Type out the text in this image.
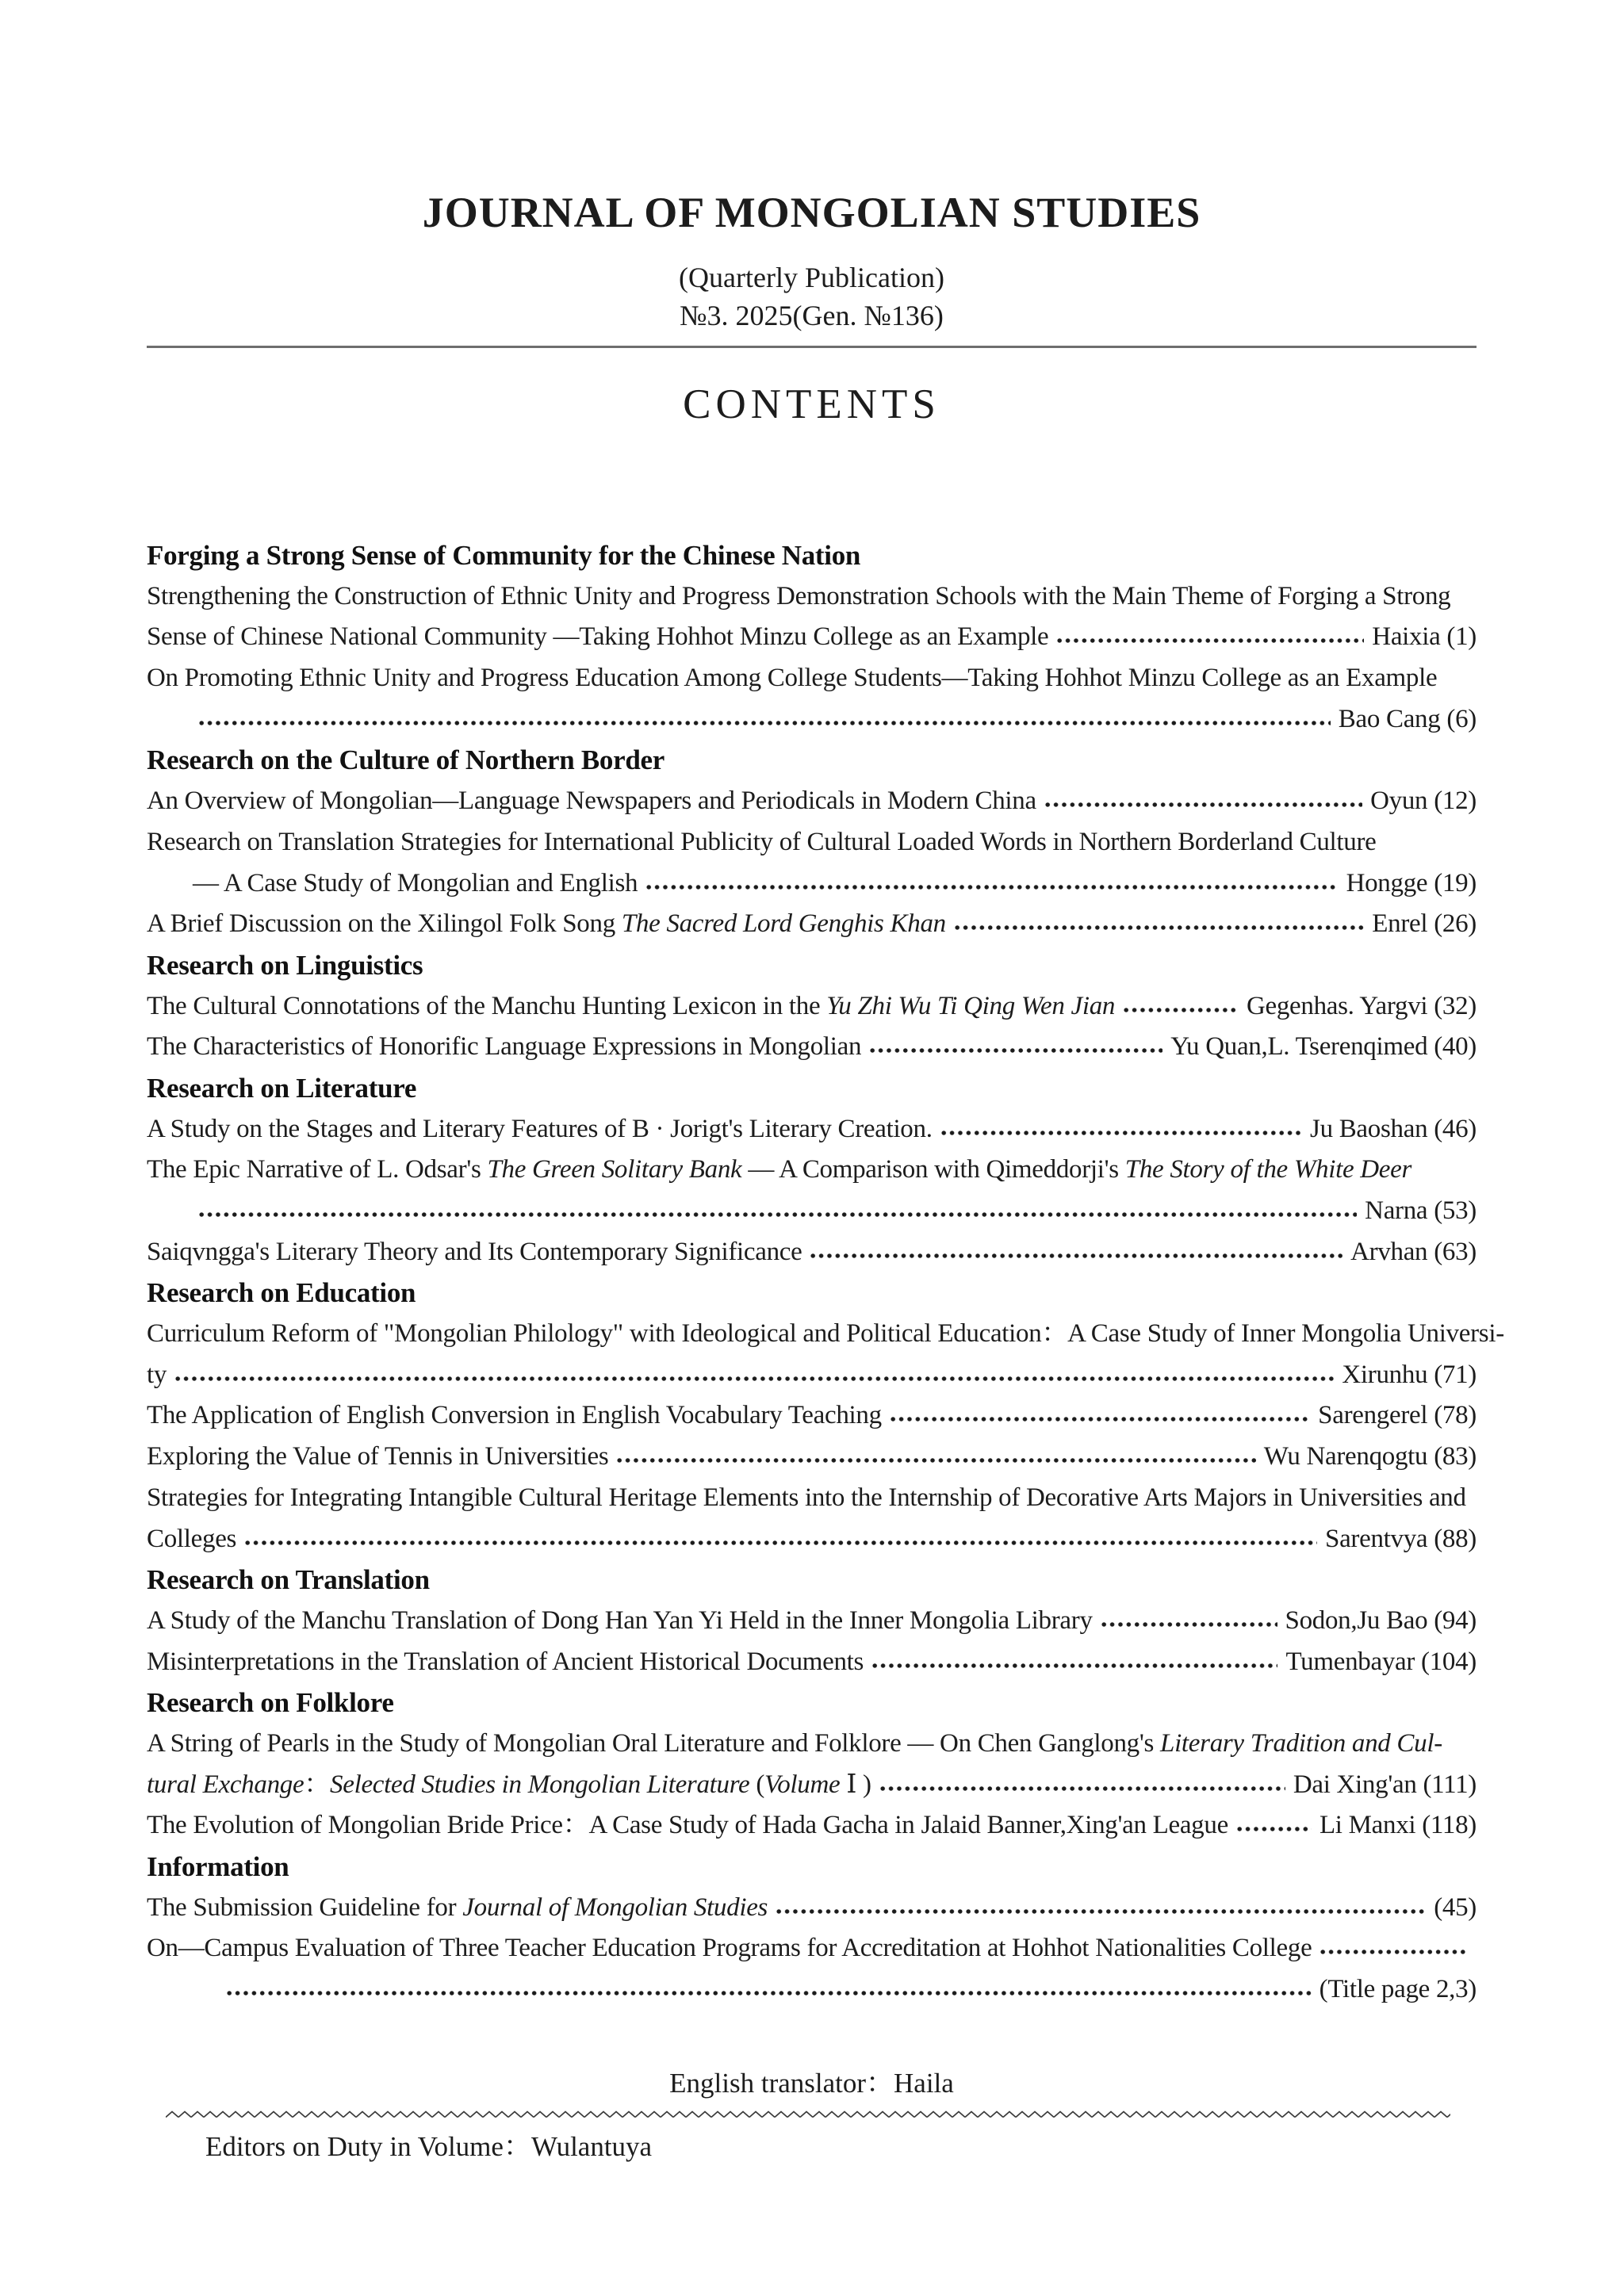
JOURNAL OF MONGOLIAN STUDIES
(Quarterly Publication)
№3. 2025(Gen. №136)
CONTENTS
Forging a Strong Sense of Community for the Chinese Nation
Strengthening the Construction of Ethnic Unity and Progress Demonstration Schools with the Main Theme of Forging a Strong
Sense of Chinese National Community —Taking Hohhot Minzu College as an Example	Haixia (1)
On Promoting Ethnic Unity and Progress Education Among College Students—Taking Hohhot Minzu College as an Example
Bao Cang (6)
Research on the Culture of Northern Border
An Overview of Mongolian—Language Newspapers and Periodicals in Modern China	Oyun (12)
Research on Translation Strategies for International Publicity of Cultural Loaded Words in Northern Borderland Culture
— A Case Study of Mongolian and English	Hongge (19)
A Brief Discussion on the Xilingol Folk Song The Sacred Lord Genghis Khan	Enrel (26)
Research on Linguistics
The Cultural Connotations of the Manchu Hunting Lexicon in the Yu Zhi Wu Ti Qing Wen Jian	Gegenhas. Yargvi (32)
The Characteristics of Honorific Language Expressions in Mongolian	Yu Quan,L. Tserenqimed (40)
Research on Literature
A Study on the Stages and Literary Features of B · Jorigt's Literary Creation.	Ju Baoshan (46)
The Epic Narrative of L. Odsar's The Green Solitary Bank — A Comparison with Qimeddorji's The Story of the White Deer
Narna (53)
Saiqvngga's Literary Theory and Its Contemporary Significance	Arvhan (63)
Research on Education
Curriculum Reform of "Mongolian Philology" with Ideological and Political Education：A Case Study of Inner Mongolia Universi-
ty	Xirunhu (71)
The Application of English Conversion in English Vocabulary Teaching	Sarengerel (78)
Exploring the Value of Tennis in Universities	Wu Narenqogtu (83)
Strategies for Integrating Intangible Cultural Heritage Elements into the Internship of Decorative Arts Majors in Universities and
Colleges	Sarentvya (88)
Research on Translation
A Study of the Manchu Translation of Dong Han Yan Yi Held in the Inner Mongolia Library	Sodon,Ju Bao (94)
Misinterpretations in the Translation of Ancient Historical Documents	Tumenbayar (104)
Research on Folklore
A String of Pearls in the Study of Mongolian Oral Literature and Folklore — On Chen Ganglong's Literary Tradition and Cul-
tural Exchange：Selected Studies in Mongolian Literature (Volume Ⅰ )	Dai Xing'an (111)
The Evolution of Mongolian Bride Price：A Case Study of Hada Gacha in Jalaid Banner,Xing'an League	Li Manxi (118)
Information
The Submission Guideline for Journal of Mongolian Studies	(45)
On—Campus Evaluation of Three Teacher Education Programs for Accreditation at Hohhot Nationalities College
(Title page 2,3)
English translator：Haila
Editors on Duty in Volume：Wulantuya
